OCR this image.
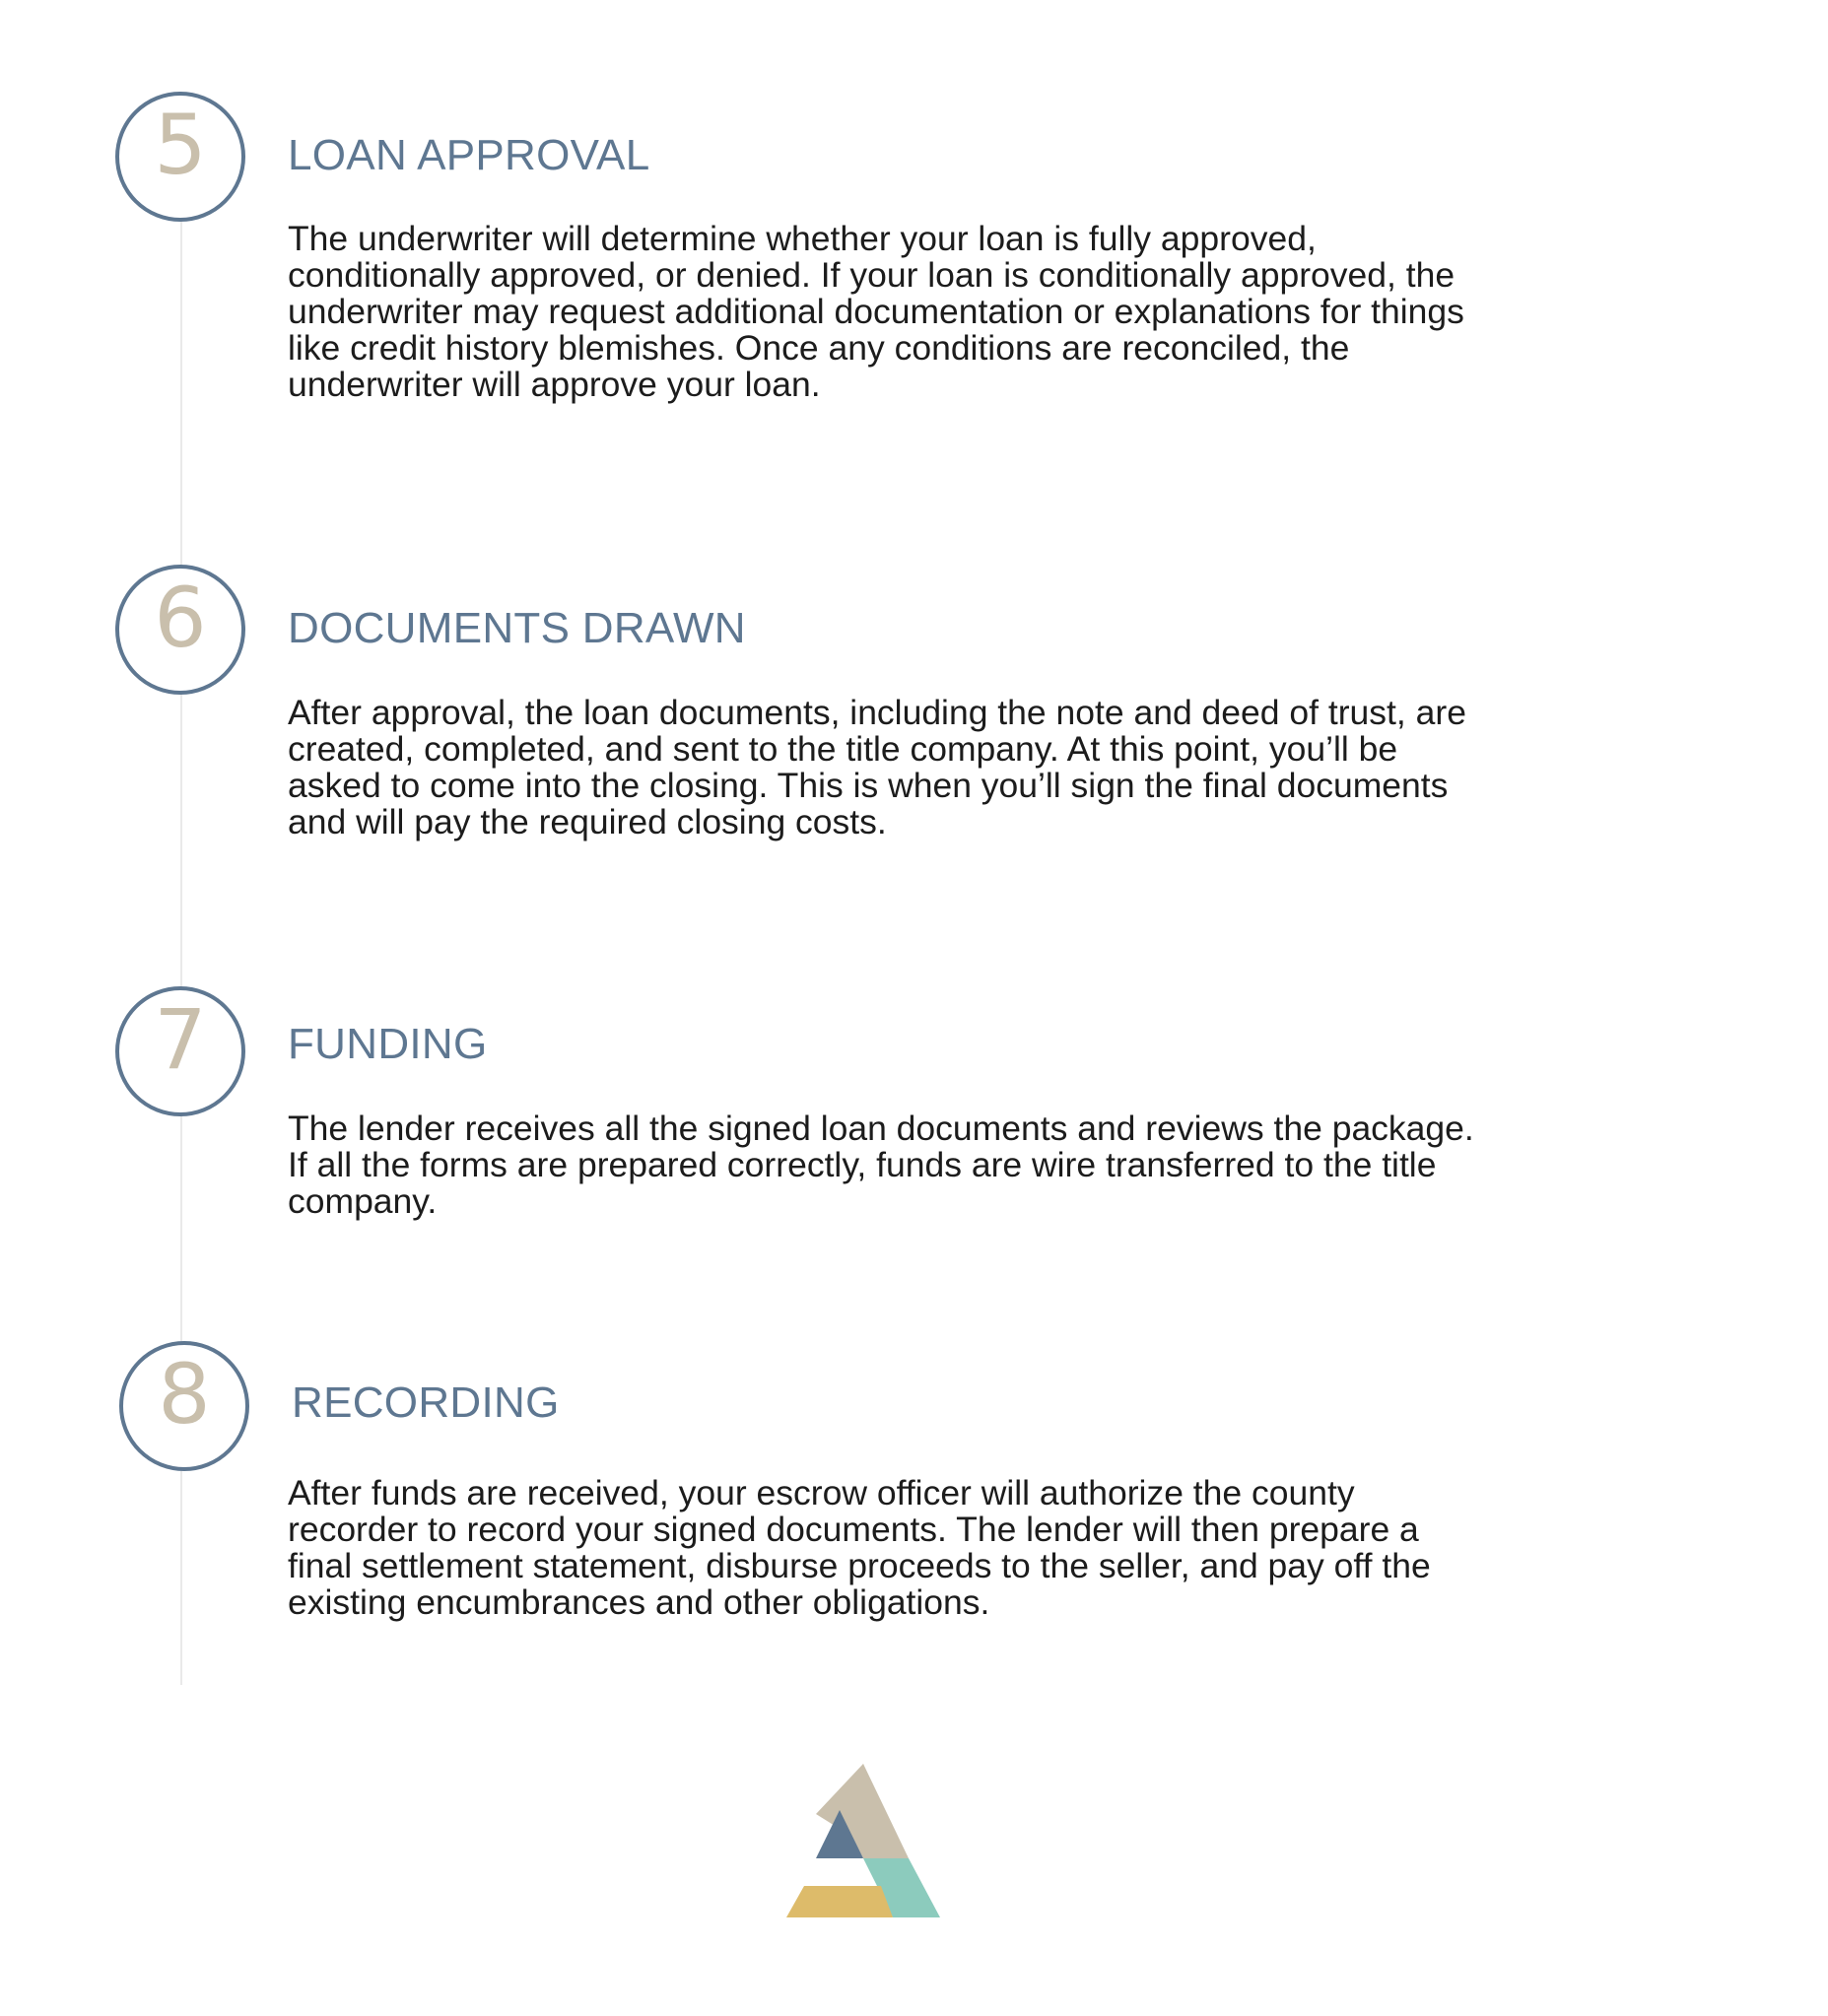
5	LOAN APPROVAL

The underwriter will determine whether your loan is fully approved,
conditionally approved, or denied. If your loan is conditionally approved, the
underwriter may request additional documentation or explanations for things
like credit history blemishes. Once any conditions are reconciled, the
underwriter will approve your loan.

6	DOCUMENTS DRAWN

After approval, the loan documents, including the note and deed of trust, are
created, completed, and sent to the title company. At this point, you’ll be
asked to come into the closing. This is when you’ll sign the final documents
and will pay the required closing costs.

7	FUNDING

The lender receives all the signed loan documents and reviews the package.
If all the forms are prepared correctly, funds are wire transferred to the title
company.

8	RECORDING

After funds are received, your escrow officer will authorize the county
recorder to record your signed documents. The lender will then prepare a
final settlement statement, disburse proceeds to the seller, and pay off the
existing encumbrances and other obligations.
